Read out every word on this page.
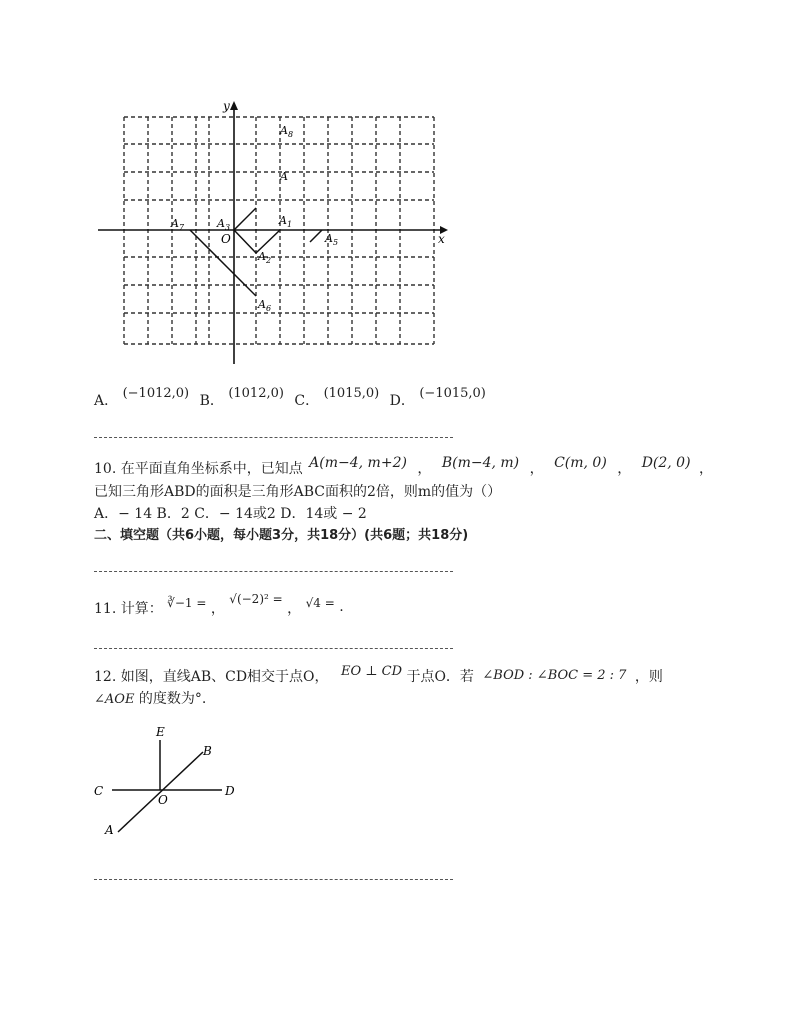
y
x
O
$A_8$
A
$A_7$	$A_3$
$A_1$
$A_2$
$A_5$
$A_6$
A． (−1012,0) B． (1012,0) C． (1015,0) D． (−1015,0)
10. 在平面直角坐标系中，已知点 A(m−4, m+2) ， B(m−4, m) ， C(m, 0) ， D(2, 0) ，
已知三角形ABD的面积是三角形ABC面积的2倍，则m的值为（）
A．− 14 B．2 C．− 14或2 D．14或 − 2
二、填空题（共6小题，每小题3分，共18分）(共6题；共18分)
11. 计算： ∛−1 = ， √(−2)² = ， √4 = .
12. 如图，直线AB、CD相交于点O， EO ⊥ CD 于点O．若 ∠BOD : ∠BOC = 2 : 7 ，则
∠AOE 的度数为°.
E
B
C
O
D
A
